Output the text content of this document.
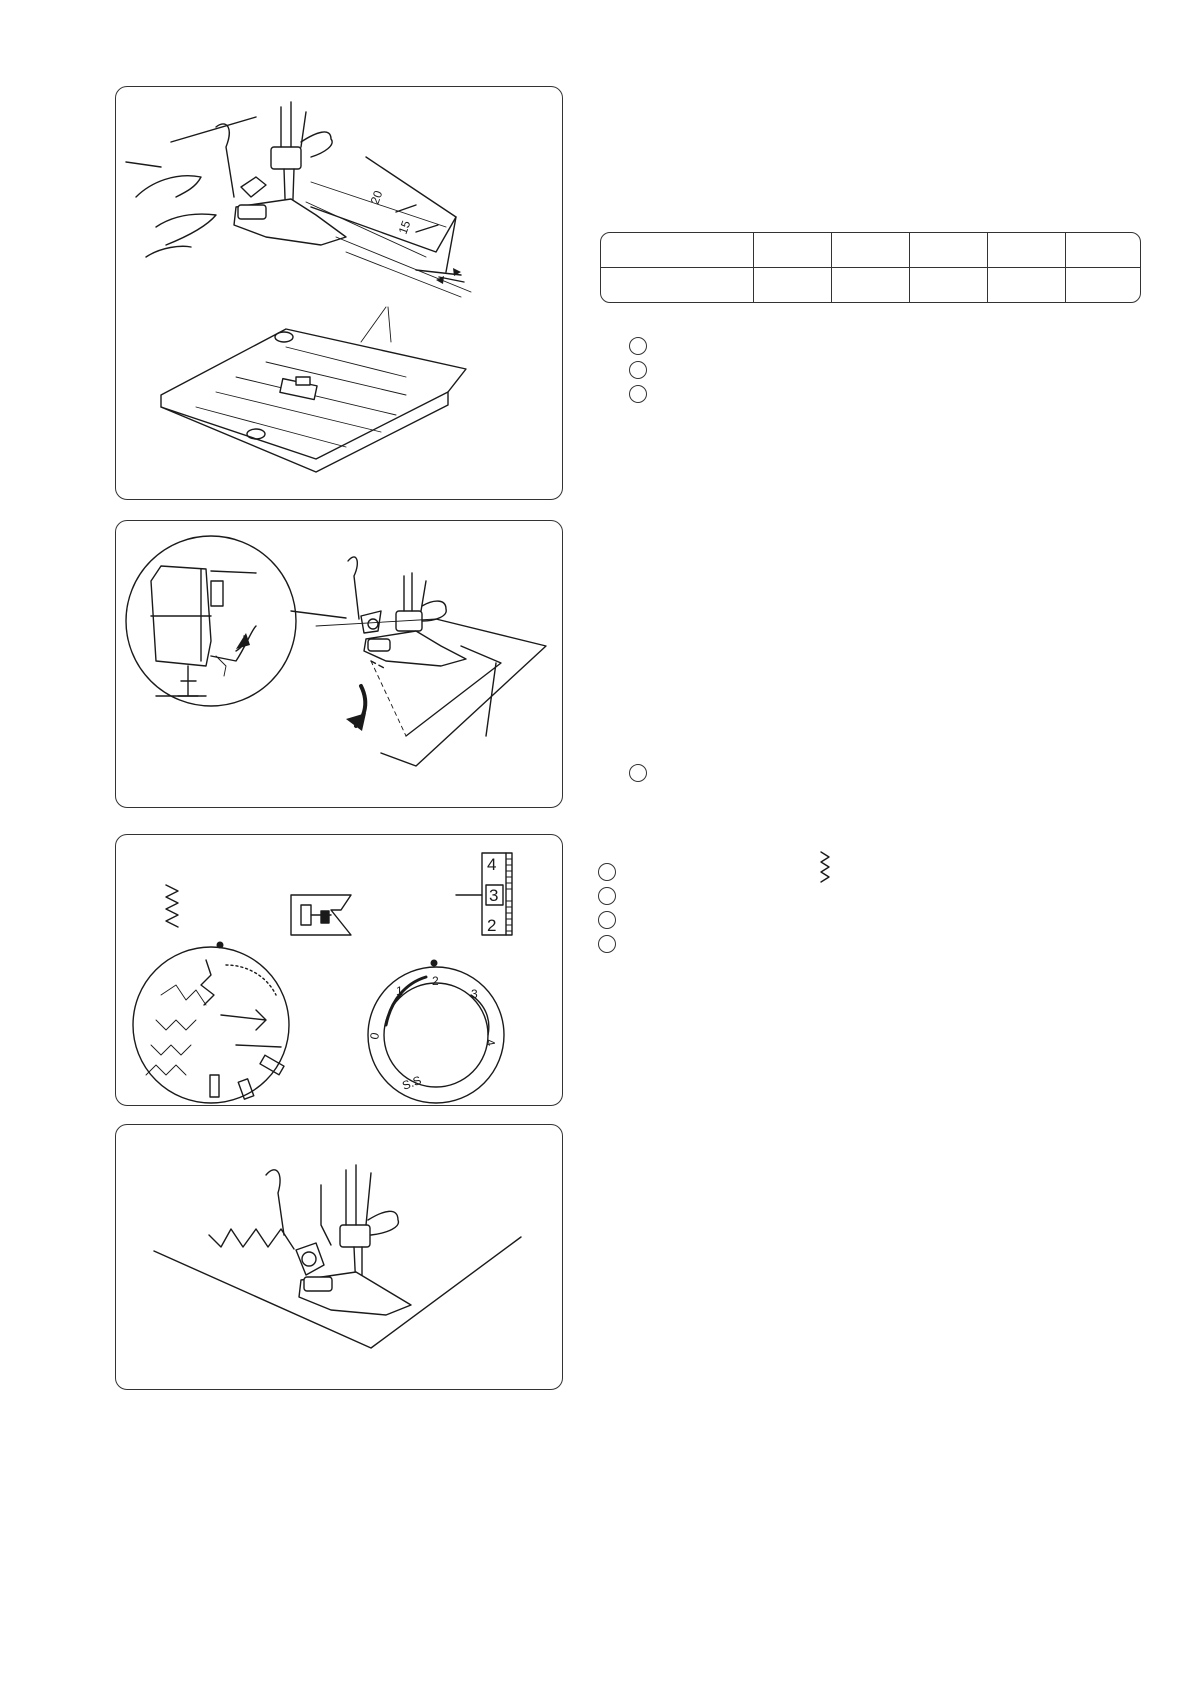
20
15
4
3
2
0
1
2
3
4
S.S
